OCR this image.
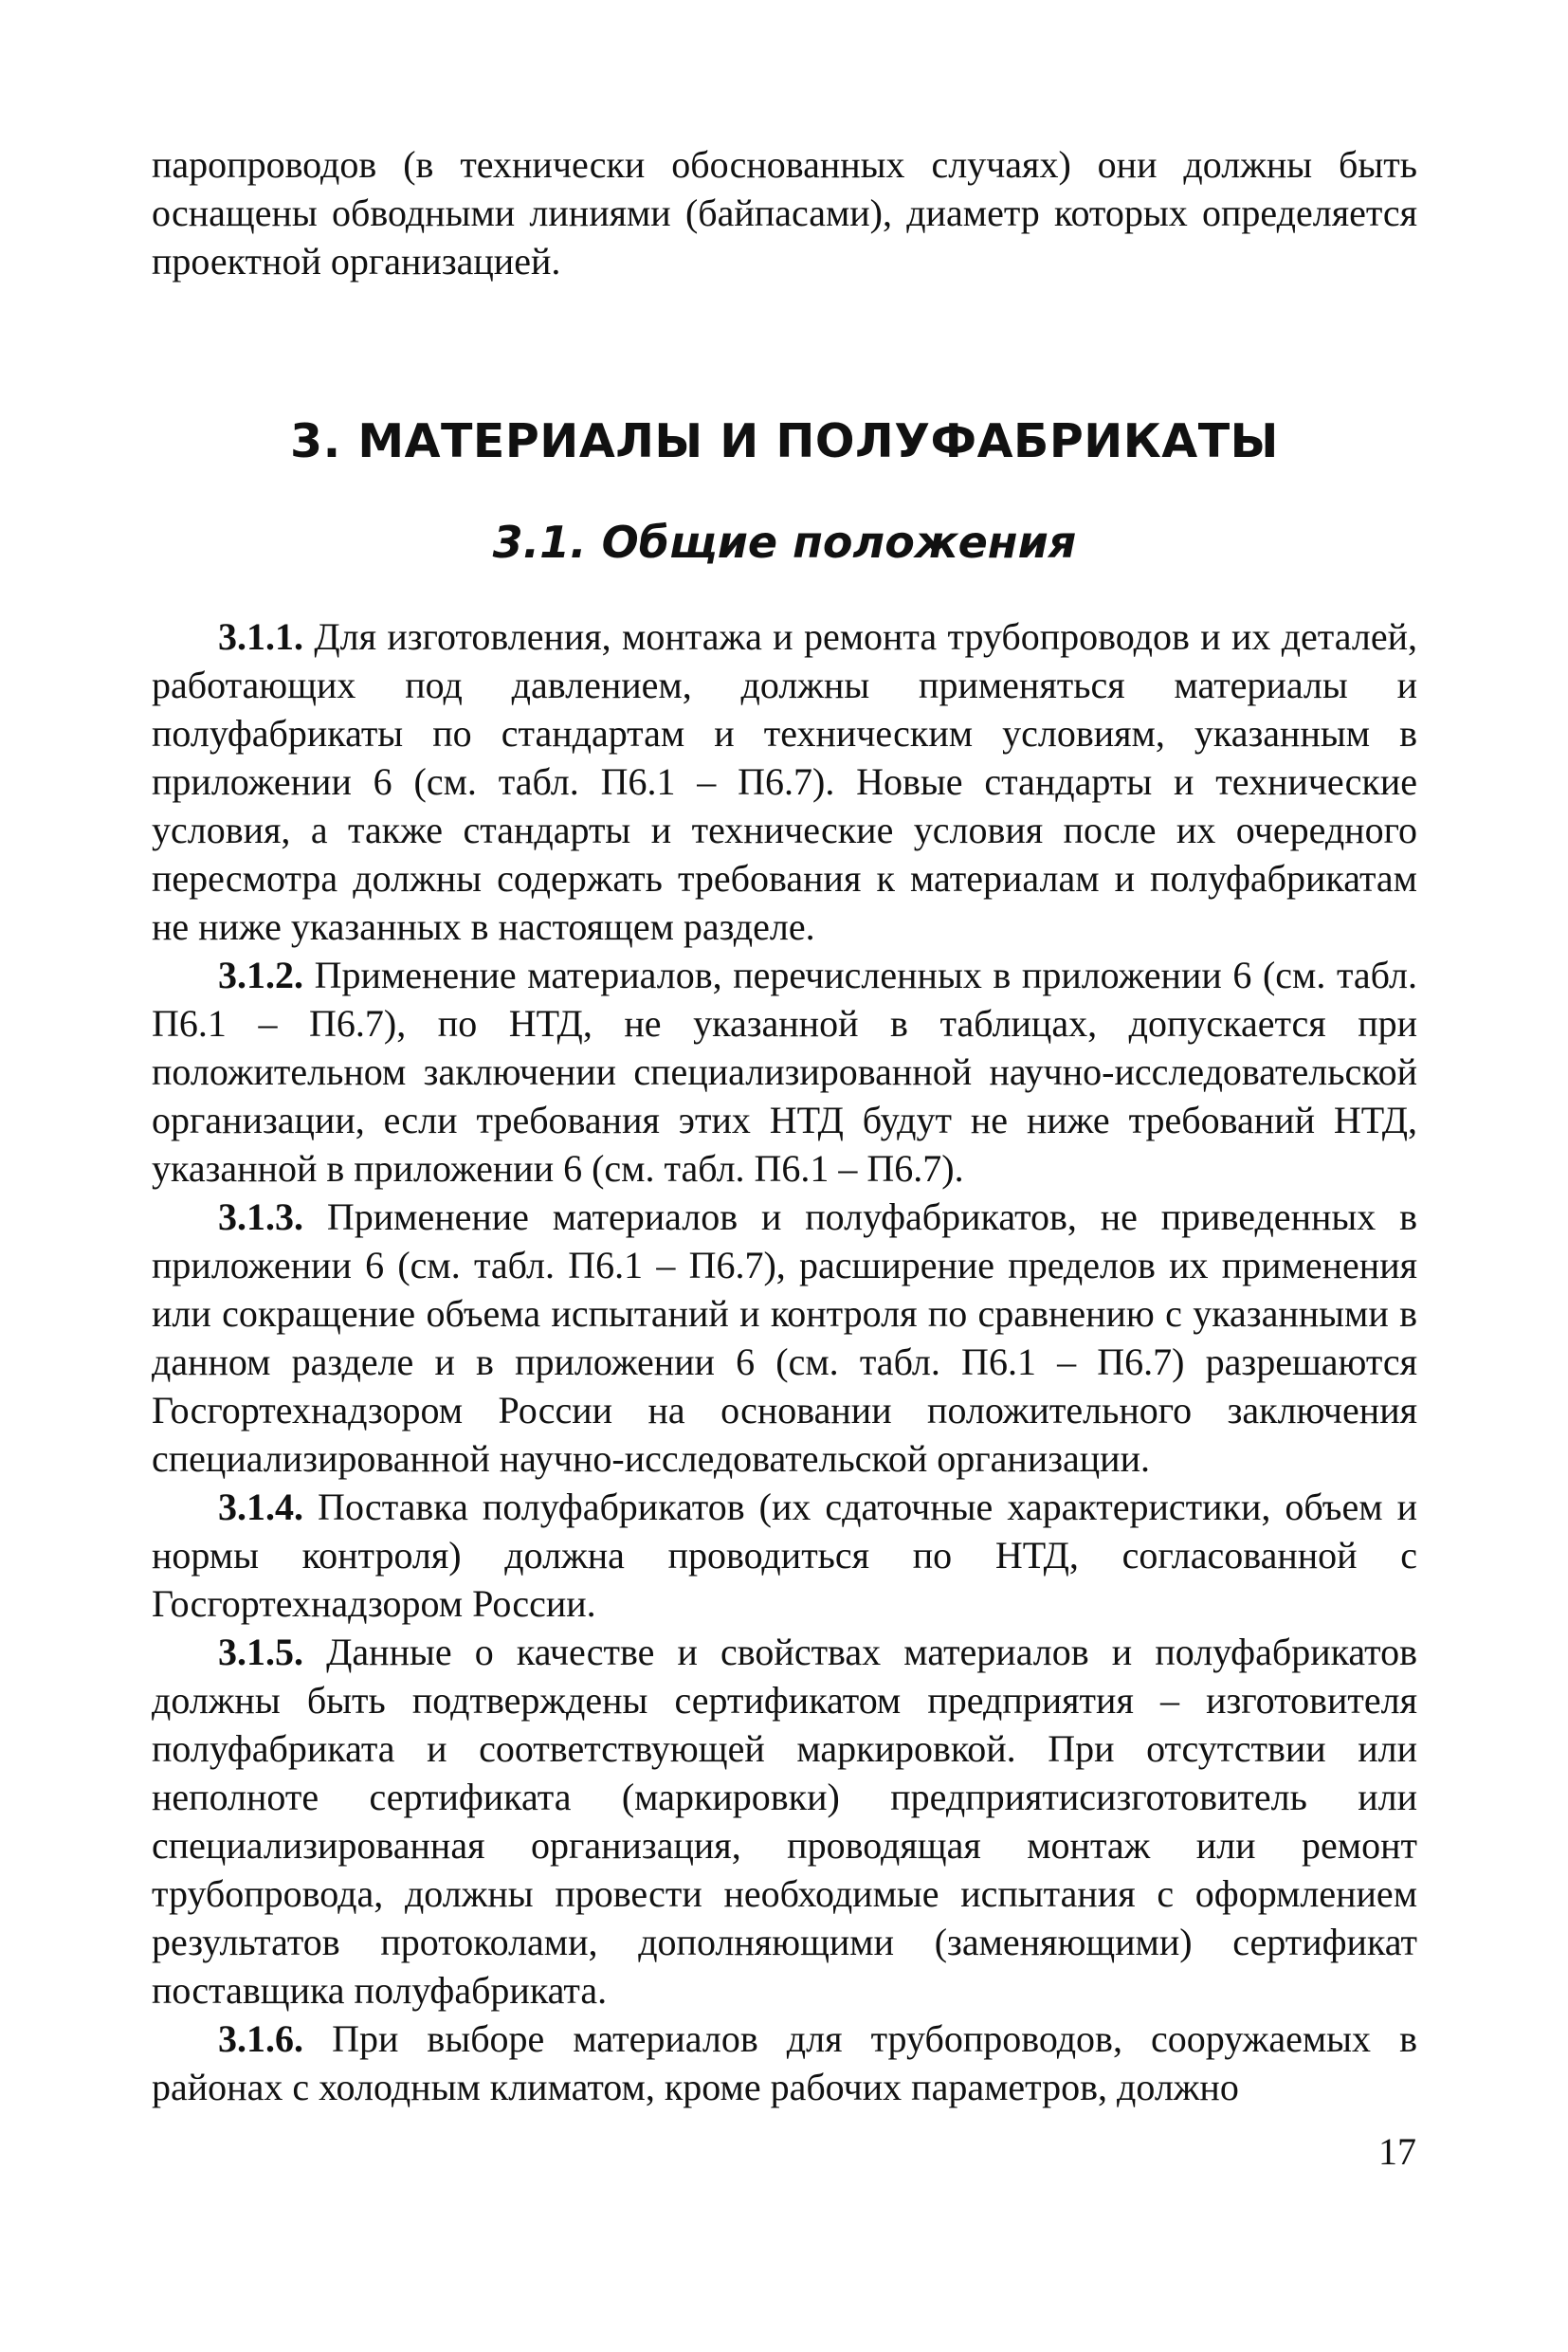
паропроводов (в технически обоснованных случаях) они должны быть оснащены обводными линиями (байпасами), диаметр которых определяется проектной организацией.

3. МАТЕРИАЛЫ И ПОЛУФАБРИКАТЫ
3.1. Общие положения

3.1.1. Для изготовления, монтажа и ремонта трубопроводов и их деталей, работающих под давлением, должны применяться материалы и полуфабрикаты по стандартам и техническим условиям, указанным в приложении 6 (см. табл. П6.1 – П6.7). Новые стандарты и технические условия, а также стандарты и технические условия после их очередного пересмотра должны содержать требования к материалам и полуфабрикатам не ниже указанных в настоящем разделе.

3.1.2. Применение материалов, перечисленных в приложении 6 (см. табл. П6.1 – П6.7), по НТД, не указанной в таблицах, допускается при положительном заключении специализированной научно-исследовательской организации, если требования этих НТД будут не ниже требований НТД, указанной в приложении 6 (см. табл. П6.1 – П6.7).

3.1.3. Применение материалов и полуфабрикатов, не приведенных в приложении 6 (см. табл. П6.1 – П6.7), расширение пределов их применения или сокращение объема испытаний и контроля по сравнению с указанными в данном разделе и в приложении 6 (см. табл. П6.1 – П6.7) разрешаются Госгортехнадзором России на основании положительного заключения специализированной научно-исследовательской организации.

3.1.4. Поставка полуфабрикатов (их сдаточные характеристики, объем и нормы контроля) должна проводиться по НТД, согласованной с Госгортехнадзором России.

3.1.5. Данные о качестве и свойствах материалов и полуфабрикатов должны быть подтверждены сертификатом предприятия – изготовителя полуфабриката и соответствующей маркировкой. При отсутствии или неполноте сертификата (маркировки) предприятисизготовитель или специализированная организация, проводящая монтаж или ремонт трубопровода, должны провести необходимые испытания с оформлением результатов протоколами, дополняющими (заменяющими) сертификат поставщика полуфабриката.

3.1.6. При выборе материалов для трубопроводов, сооружаемых в районах с холодным климатом, кроме рабочих параметров, должно

17
